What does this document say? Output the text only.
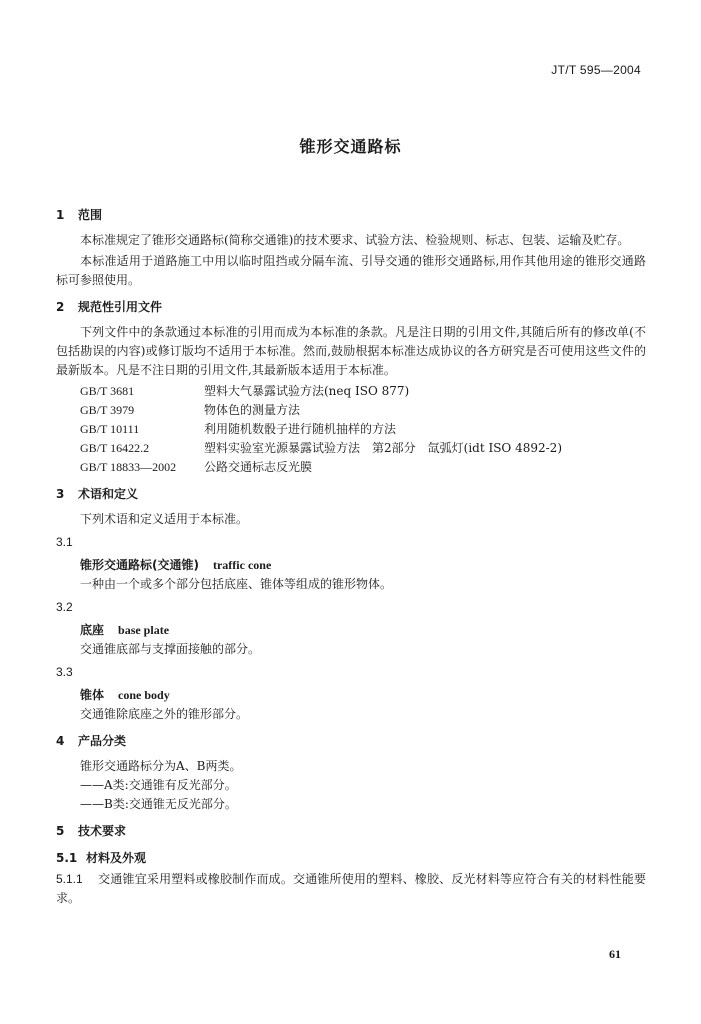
JT/T 595—2004
锥形交通路标
1 范围

本标准规定了锥形交通路标(简称交通锥)的技术要求、试验方法、检验规则、标志、包装、运输及贮存。

本标准适用于道路施工中用以临时阻挡或分隔车流、引导交通的锥形交通路标,用作其他用途的锥形交通路标可参照使用。

2 规范性引用文件

下列文件中的条款通过本标准的引用而成为本标准的条款。凡是注日期的引用文件,其随后所有的修改单(不包括勘误的内容)或修订版均不适用于本标准。然而,鼓励根据本标准达成协议的各方研究是否可使用这些文件的最新版本。凡是不注日期的引用文件,其最新版本适用于本标准。

GB/T 3681	塑料大气暴露试验方法(neq ISO 877)
GB/T 3979	物体色的测量方法
GB/T 10111	利用随机数骰子进行随机抽样的方法
GB/T 16422.2	塑料实验室光源暴露试验方法　第2部分　氙弧灯(idt ISO 4892-2)
GB/T 18833—2002	公路交通标志反光膜
3 术语和定义

下列术语和定义适用于本标准。

3.1
锥形交通路标(交通锥) traffic cone
一种由一个或多个部分包括底座、锥体等组成的锥形物体。
3.2
底座 base plate
交通锥底部与支撑面接触的部分。
3.3
锥体 cone body
交通锥除底座之外的锥形部分。
4 产品分类
锥形交通路标分为A、B两类。
——A类:交通锥有反光部分。
——B类:交通锥无反光部分。
5 技术要求
5.1 材料及外观
5.1.1 交通锥宜采用塑料或橡胶制作而成。交通锥所使用的塑料、橡胶、反光材料等应符合有关的材料性能要求。
61
